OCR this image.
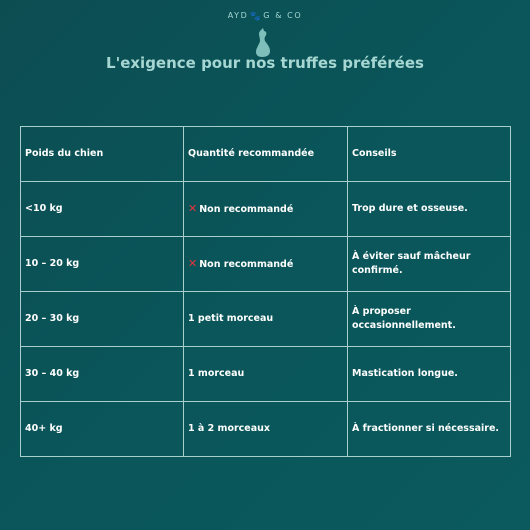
AYD🐾G & CO
L'exigence pour nos truffes préférées
Poids du chien	Quantité recommandée	Conseils
<10 kg	✕ Non recommandé	Trop dure et osseuse.
10 – 20 kg	✕ Non recommandé	À éviter sauf mâcheur confirmé.
20 – 30 kg	1 petit morceau	À proposer occasionnellement.
30 – 40 kg	1 morceau	Mastication longue.
40+ kg	1 à 2 morceaux	À fractionner si nécessaire.
